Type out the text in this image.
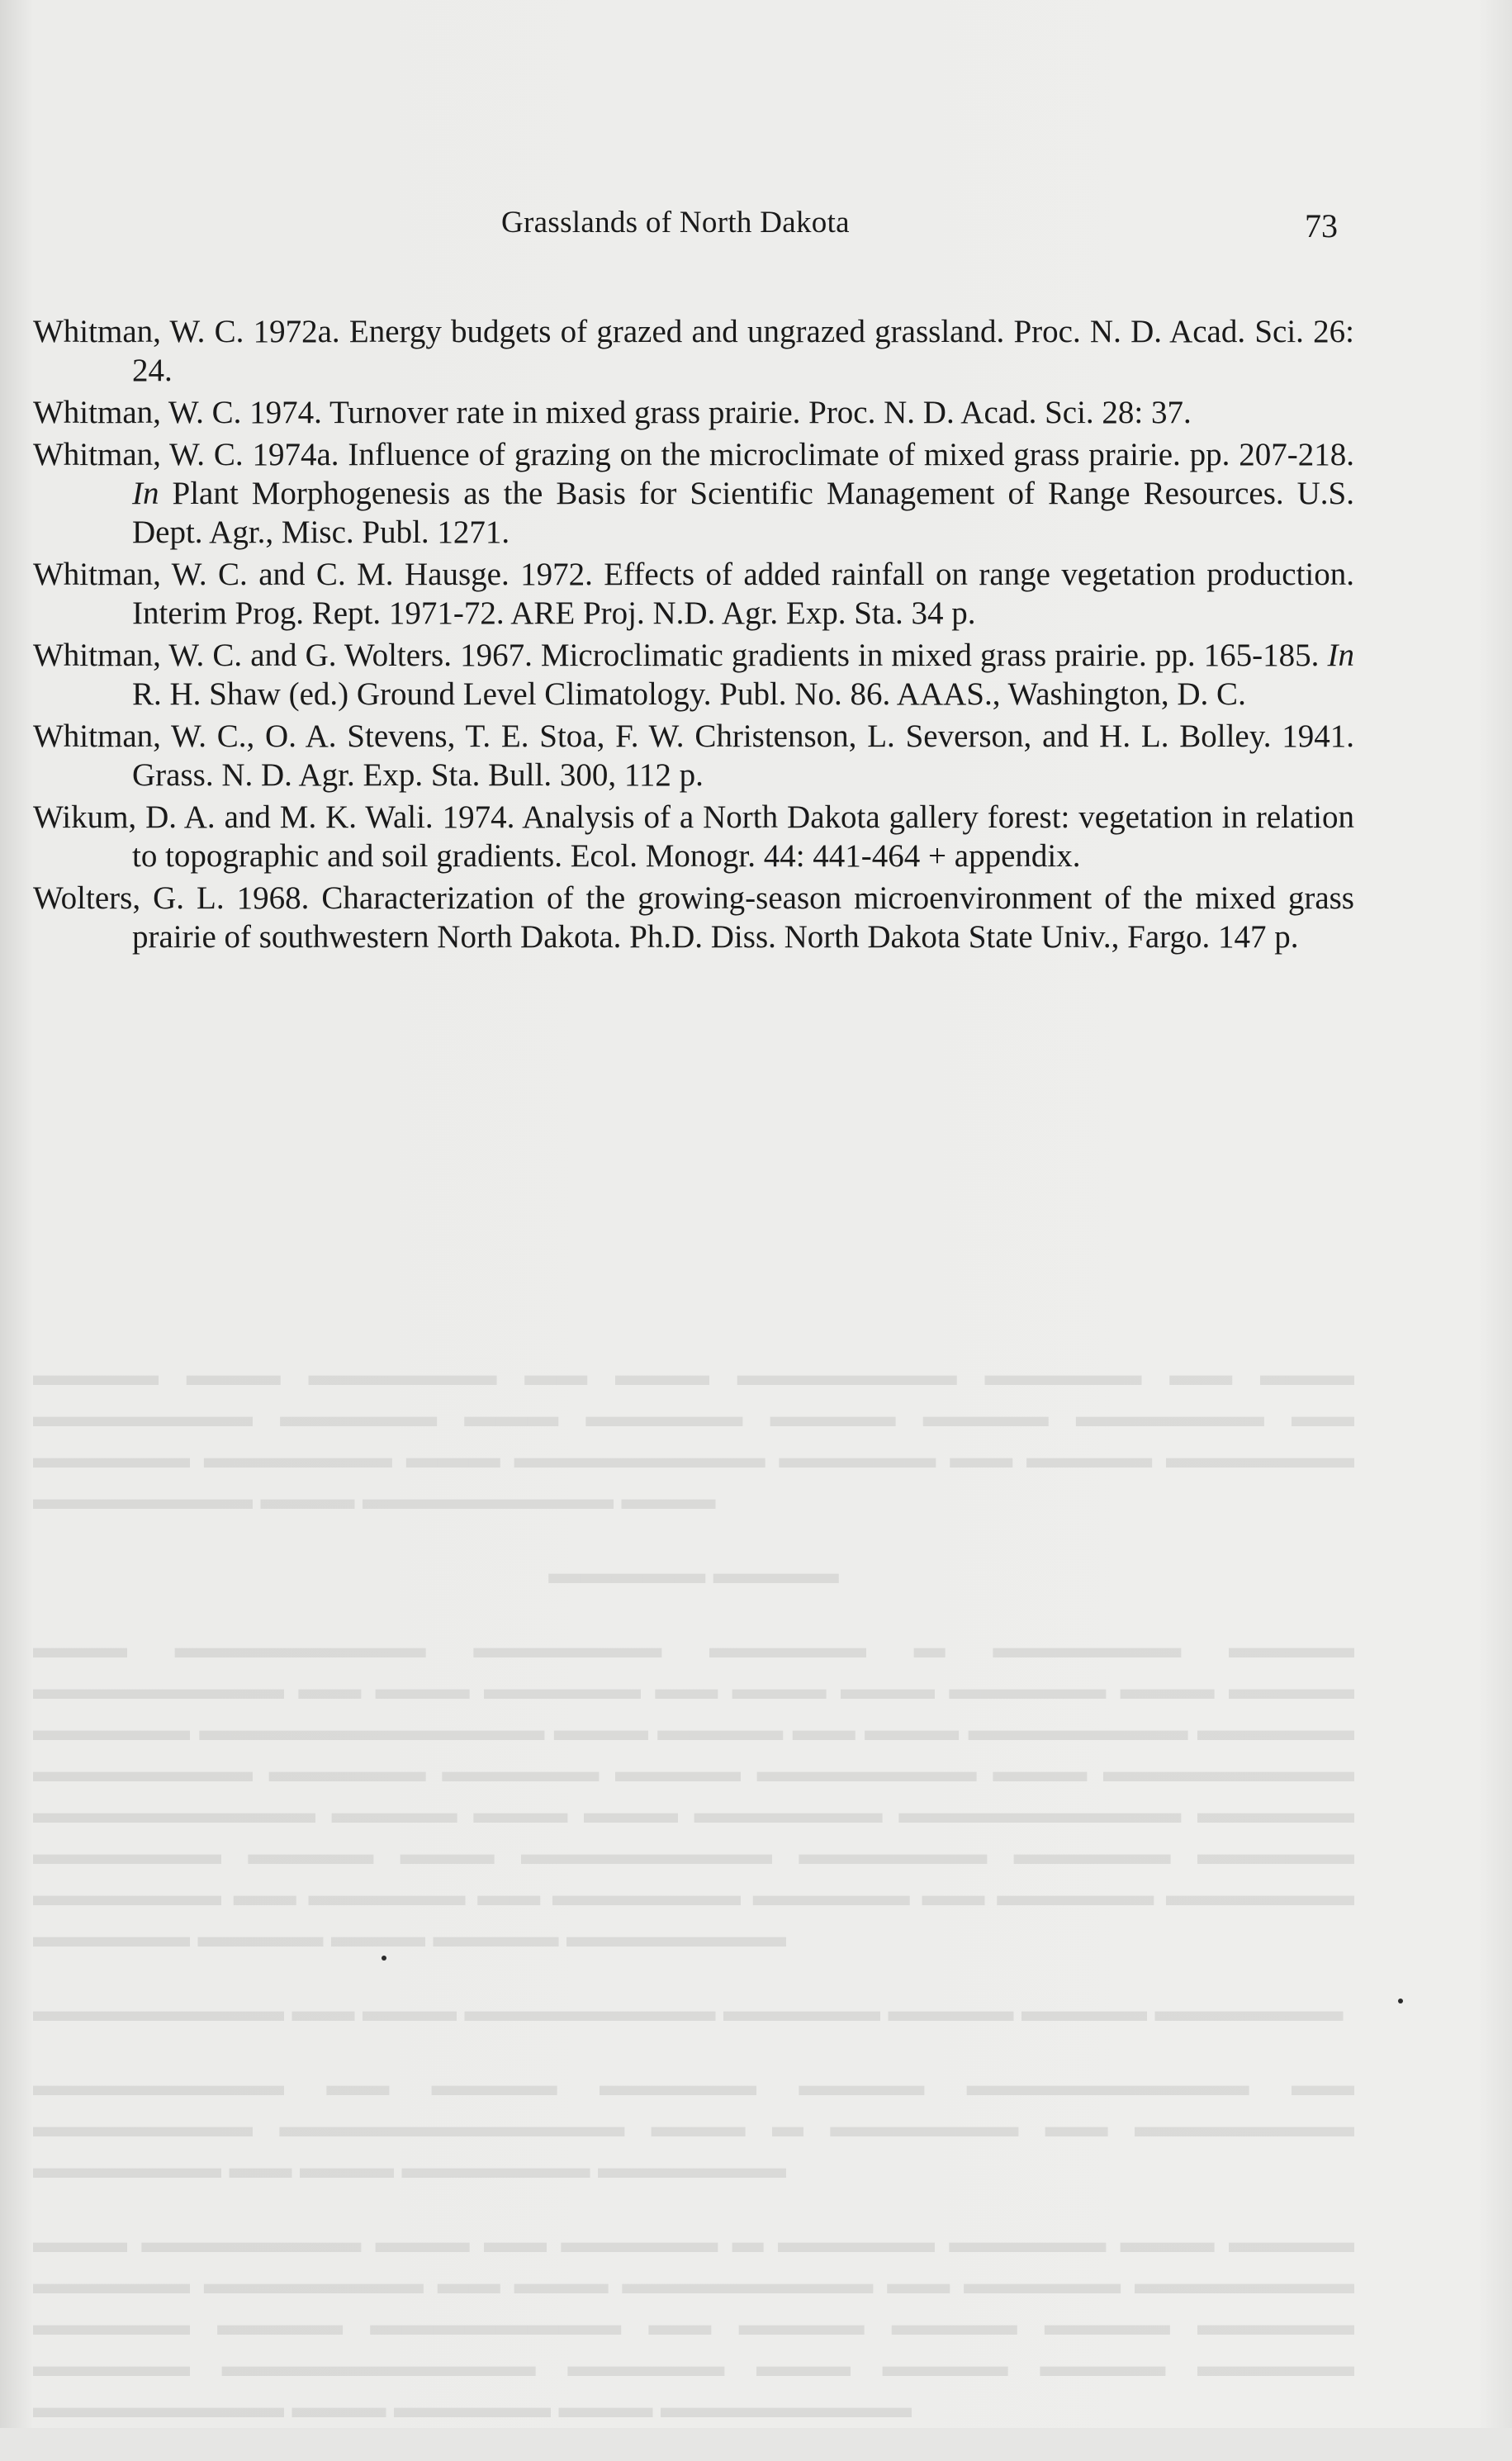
Grasslands of North Dakota	73

Whitman, W. C. 1972a. Energy budgets of grazed and ungrazed grassland. Proc. N. D. Acad. Sci. 26: 24.

Whitman, W. C. 1974. Turnover rate in mixed grass prairie. Proc. N. D. Acad. Sci. 28: 37.

Whitman, W. C. 1974a. Influence of grazing on the microclimate of mixed grass prairie. pp. 207-218. In Plant Morphogenesis as the Basis for Scientific Management of Range Resources. U.S. Dept. Agr., Misc. Publ. 1271.

Whitman, W. C. and C. M. Hausge. 1972. Effects of added rainfall on range vegetation production. Interim Prog. Rept. 1971-72. ARE Proj. N.D. Agr. Exp. Sta. 34 p.

Whitman, W. C. and G. Wolters. 1967. Microclimatic gradients in mixed grass prairie. pp. 165-185. In R. H. Shaw (ed.) Ground Level Climatology. Publ. No. 86. AAAS., Washington, D. C.

Whitman, W. C., O. A. Stevens, T. E. Stoa, F. W. Christenson, L. Severson, and H. L. Bolley. 1941. Grass. N. D. Agr. Exp. Sta. Bull. 300, 112 p.

Wikum, D. A. and M. K. Wali. 1974. Analysis of a North Dakota gallery forest: vegetation in relation to topographic and soil gradients. Ecol. Monogr. 44: 441-464 + appendix.

Wolters, G. L. 1968. Characterization of the growing-season microenvironment of the mixed grass prairie of southwestern North Dakota. Ph.D. Diss. North Dakota State Univ., Fargo. 147 p.

▬▬▬▬ ▬▬▬ ▬▬▬▬▬▬ ▬▬ ▬▬▬ ▬▬▬▬▬▬▬ ▬▬▬▬▬ ▬▬ ▬▬▬ ▬▬▬▬▬▬▬ ▬▬▬▬▬ ▬▬▬ ▬▬▬▬▬ ▬▬▬▬ ▬▬▬▬ ▬▬▬▬▬▬ ▬▬ ▬▬▬▬▬ ▬▬▬▬▬▬ ▬▬▬ ▬▬▬▬▬▬▬▬ ▬▬▬▬▬ ▬▬ ▬▬▬▬ ▬▬▬▬▬▬ ▬▬▬▬▬▬▬ ▬▬▬ ▬▬▬▬▬▬▬▬ ▬▬▬
▬▬▬▬▬ ▬▬▬▬
▬▬▬ ▬▬▬▬▬▬▬▬ ▬▬▬▬▬▬ ▬▬▬▬▬ ▬ ▬▬▬▬▬▬ ▬▬▬▬ ▬▬▬▬▬▬▬▬ ▬▬ ▬▬▬ ▬▬▬▬▬ ▬▬ ▬▬▬ ▬▬▬ ▬▬▬▬▬ ▬▬▬ ▬▬▬▬ ▬▬▬▬▬ ▬▬▬▬▬▬▬▬▬▬▬ ▬▬▬ ▬▬▬▬ ▬▬ ▬▬▬ ▬▬▬▬▬▬▬ ▬▬▬▬▬ ▬▬▬▬▬▬▬ ▬▬▬▬▬ ▬▬▬▬▬ ▬▬▬▬ ▬▬▬▬▬▬▬ ▬▬▬ ▬▬▬▬▬▬▬▬ ▬▬▬▬▬▬▬▬▬ ▬▬▬▬ ▬▬▬ ▬▬▬ ▬▬▬▬▬▬ ▬▬▬▬▬▬▬▬▬ ▬▬▬▬▬ ▬▬▬▬▬▬ ▬▬▬▬ ▬▬▬ ▬▬▬▬▬▬▬▬ ▬▬▬▬▬▬ ▬▬▬▬▬ ▬▬▬▬▬ ▬▬▬▬▬▬ ▬▬ ▬▬▬▬▬ ▬▬ ▬▬▬▬▬▬ ▬▬▬▬▬ ▬▬ ▬▬▬▬▬ ▬▬▬▬▬▬ ▬▬▬▬▬ ▬▬▬▬ ▬▬▬ ▬▬▬▬ ▬▬▬▬▬▬▬
▬▬▬▬▬▬▬▬ ▬▬ ▬▬▬ ▬▬▬▬▬▬▬▬ ▬▬▬▬▬ ▬▬▬▬ ▬▬▬▬ ▬▬▬▬▬▬
▬▬▬▬▬▬▬▬ ▬▬ ▬▬▬▬ ▬▬▬▬▬ ▬▬▬▬ ▬▬▬▬▬▬▬▬▬ ▬▬ ▬▬▬▬▬▬▬ ▬▬▬▬▬▬▬▬▬▬▬ ▬▬▬ ▬ ▬▬▬▬▬▬ ▬▬ ▬▬▬▬▬▬▬ ▬▬▬▬▬▬ ▬▬ ▬▬▬ ▬▬▬▬▬▬ ▬▬▬▬▬▬
▬▬▬ ▬▬▬▬▬▬▬ ▬▬▬ ▬▬ ▬▬▬▬▬ ▬ ▬▬▬▬▬ ▬▬▬▬▬ ▬▬▬ ▬▬▬▬ ▬▬▬▬▬ ▬▬▬▬▬▬▬ ▬▬ ▬▬▬ ▬▬▬▬▬▬▬▬ ▬▬ ▬▬▬▬▬ ▬▬▬▬▬▬▬ ▬▬▬▬▬ ▬▬▬▬ ▬▬▬▬▬▬▬▬ ▬▬ ▬▬▬▬ ▬▬▬▬ ▬▬▬▬ ▬▬▬▬▬ ▬▬▬▬▬ ▬▬▬▬▬▬▬▬▬▬ ▬▬▬▬▬ ▬▬▬ ▬▬▬▬ ▬▬▬▬ ▬▬▬▬▬ ▬▬▬▬▬▬▬▬ ▬▬▬ ▬▬▬▬▬ ▬▬▬ ▬▬▬▬▬▬▬▬
